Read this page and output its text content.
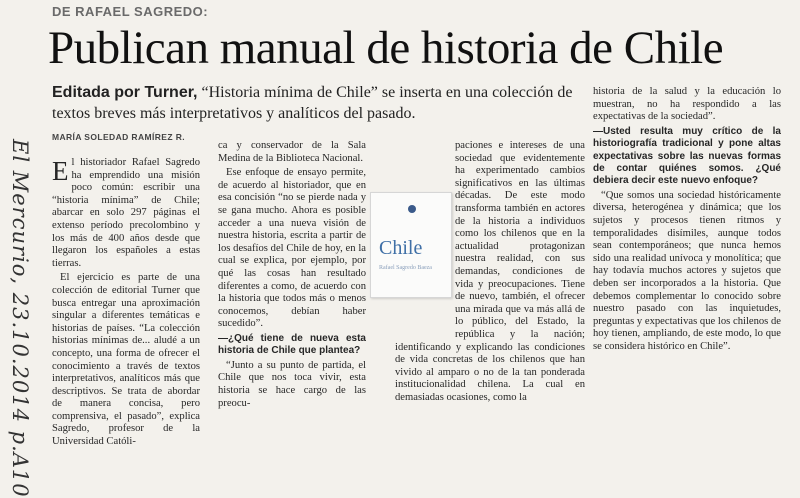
DE RAFAEL SAGREDO:
Publican manual de historia de Chile
Editada por Turner, “Historia mínima de Chile” se inserta en una colección de textos breves más interpretativos y analíticos del pasado.
MARÍA SOLEDAD RAMÍREZ R.
El Mercurio, 23.10.2014 p.A10 El historiador Rafael Sagredo ha emprendido una misión poco común: escribir una “historia mínima” de Chile; abarcar en solo 297 páginas el extenso período precolombino y los más de 400 años desde que llegaron los españoles a estas tierras.

El ejercicio es parte de una colección de editorial Turner que busca entregar una aproximación singular a diferentes temáticas e historias de países. “La colección historias mínimas de... aludé a un concepto, una forma de ofrecer el conocimiento a través de textos interpretativos, analíticos más que descriptivos. Se trata de abordar de manera concisa, pero comprensiva, el pasado”, explica Sagredo, profesor de la Universidad Católi-

ca y conservador de la Sala Medina de la Biblioteca Nacional.

Ese enfoque de ensayo permite, de acuerdo al historiador, que en esa concisión “no se pierde nada y se gana mucho. Ahora es posible acceder a una nueva visión de nuestra historia, escrita a partir de los desafíos del Chile de hoy, en la cual se explica, por ejemplo, por qué las cosas han resultado diferentes a como, de acuerdo con la historia que todos más o menos conocemos, debían haber sucedido”.

—¿Qué tiene de nueva esta historia de Chile que plantea?

“Junto a su punto de partida, el Chile que nos toca vivir, esta historia se hace cargo de las preocu-

paciones e intereses de una sociedad que evidentemente ha experimentado cambios significativos en las últimas décadas. De este modo transforma también en actores de la historia a individuos como los chilenos que en la actualidad protagonizan nuestra realidad, con sus demandas, condiciones de vida y preocupaciones. Tiene de nuevo, también, el ofrecer una mirada que va más allá de lo público, del Estado, la república y la nación; identificando y explicando las condiciones de vida concretas de los chilenos que han vivido al amparo o no de la tan ponderada institucionalidad chilena. La cual en demasiadas ocasiones, como la

Chile
Rafael Sagredo Baeza

historia de la salud y la educación lo muestran, no ha respondido a las expectativas de la sociedad”.

—Usted resulta muy crítico de la historiografía tradicional y pone altas expectativas sobre las nuevas formas de contar quiénes somos. ¿Qué debiera decir este nuevo enfoque?

“Que somos una sociedad históricamente diversa, heterogénea y dinámica; que los sujetos y procesos tienen ritmos y temporalidades disímiles, aunque todos sean contemporáneos; que nunca hemos sido una realidad unívoca y monolítica; que hay todavía muchos actores y sujetos que deben ser incorporados a la historia. Que debemos complementar lo conocido sobre nuestro pasado con las inquietudes, preguntas y expectativas que los chilenos de hoy tienen, ampliando, de este modo, lo que se considera histórico en Chile”.
